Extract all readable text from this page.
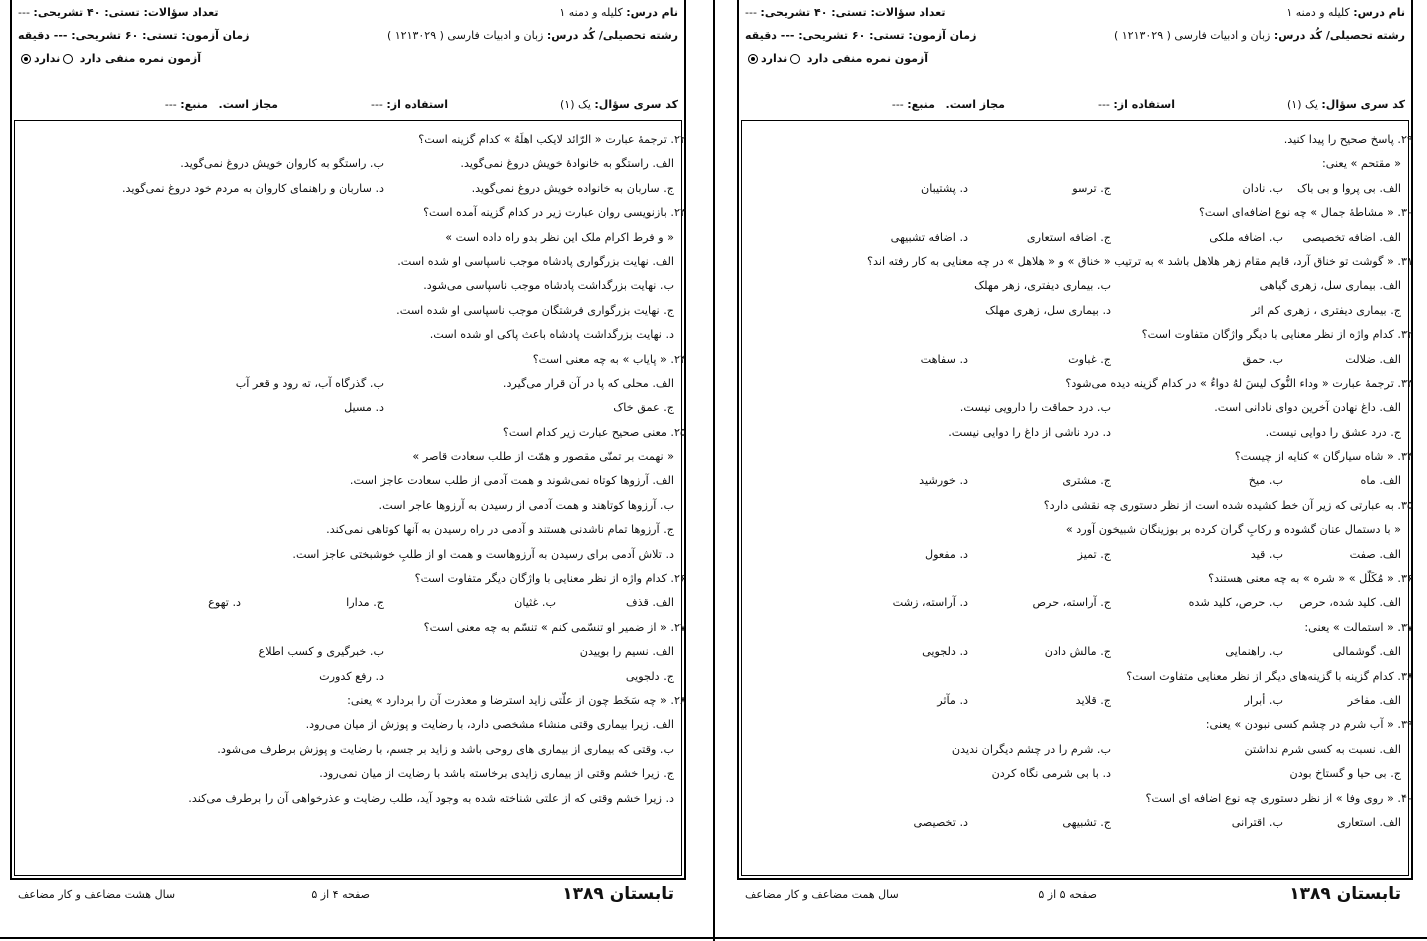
نام درس: کلیله و دمنه ۱
تعداد سؤالات: تستی: ۴۰ تشریحی: ---
رشته تحصیلی/ کُد درس: زبان و ادبیات فارسی ( ۱۲۱۳۰۲۹ )
زمان آزمون: تستی: ۶۰ تشریحی: --- دقیقه
آزمون نمره منفی دارد ندارد
کد سری سؤال: یک (۱)
استفاده از: ---
مجاز است.
منبع: ---
۲۲. ترجمهٔ عبارت « الرّائد لایکب اهلَهُ » کدام گزینه است؟
الف. راستگو به خانوادهٔ خویش دروغ نمی‌گوید.
ب. راستگو به کاروان خویش دروغ نمی‌گوید.
ج. ساربان به خانواده خویش دروغ نمی‌گوید.
د. ساربان و راهنمای کاروان به مردم خود دروغ نمی‌گوید.
۲۳. بازنویسی روان عبارت زیر در کدام گزینه آمده است؟
« و فرط اکرام ملک این نظر بدو راه داده است »
الف. نهایت بزرگواری پادشاه موجب ناسپاسی او شده است.
ب. نهایت بزرگداشت پادشاه موجب ناسپاسی می‌شود.
ج. نهایت بزرگواری فرشتگان موجب ناسپاسی او شده است.
د. نهایت بزرگداشت پادشاه باعث پاکی او شده است.
۲۴. « پایاب » به چه معنی است؟
الف. محلی که پا در آن قرار می‌گیرد.
ب. گذرگاه آب، ته رود و قعر آب
ج. عمق خاک
د. مسیل
۲۵. معنی صحیح عبارت زیر کدام است؟
« نهمت بر تمنّی مقصور و همّت از طلب سعادت قاصر »
الف. آرزوها کوتاه نمی‌شوند و همت آدمی از طلب سعادت عاجز است.
ب. آرزوها کوتاهند و همت آدمی از رسیدن به آرزوها عاجر است.
ج. آرزوها تمام ناشدنی هستند و آدمی در راه رسیدن به آنها کوتاهی نمی‌کند.
د. تلاش آدمی برای رسیدن به آرزوهاست و همت او از طلبِ خوشبختی عاجز است.
۲۶. کدام واژه از نظر معنایی با واژگان دیگر متفاوت است؟
الف. قذف
ب. غثیان
ج. مدارا
د. تهوع
۲۷. « از ضمیر او تنسّمی کنم » تنسّم به چه معنی است؟
الف. نسیم را بوییدن
ب. خبرگیری و کسب اطلاع
ج. دلجویی
د. رفع کدورت
۲۸. « چه سَخَط چون از علّتی زاید استرضا و معذرت آن را بردارد » یعنی:
الف. زیرا بیماری وقتی منشاء مشخصی دارد، با رضایت و پوزش از میان می‌رود.
ب. وقتی که بیماری از بیماری های روحی باشد و زاید بر جسم، با رضایت و پوزش برطرف می‌شود.
ج. زیرا خشم وقتی از بیماری زایدی برخاسته باشد با رضایت از میان نمی‌رود.
د. زیرا خشم وقتی که از علتی شناخته شده به وجود آید، طلب رضایت و عذرخواهی آن را برطرف می‌کند.
تابستان ۱۳۸۹
صفحه ۴ از ۵
سال هشت مضاعف و کار مضاعف
نام درس: کلیله و دمنه ۱
تعداد سؤالات: تستی: ۴۰ تشریحی: ---
رشته تحصیلی/ کُد درس: زبان و ادبیات فارسی ( ۱۲۱۳۰۲۹ )
زمان آزمون: تستی: ۶۰ تشریحی: --- دقیقه
آزمون نمره منفی دارد ندارد
کد سری سؤال: یک (۱)
استفاده از: ---
مجاز است.
منبع: ---
۲۹. پاسخ صحیح را پیدا کنید.
« مقتحم » یعنی:
الف. بی پروا و بی باک
ب. نادان
ج. ترسو
د. پشتیبان
۳۰. « مشاطهٔ جمال » چه نوع اضافه‌ای است؟
الف. اضافه تخصیصی
ب. اضافه ملکی
ج. اضافه استعاری
د. اضافه تشبیهی
۳۱. « گوشت تو خناق آرد، قایم مقام زهر هلاهل باشد » به ترتیب « خناق » و « هلاهل » در چه معنایی به کار رفته اند؟
الف. بیماری سل، زهری گیاهی
ب. بیماری دیفتری، زهر مهلک
ج. بیماری دیفتری ، زهری کم اثر
د. بیماری سل، زهری مهلک
۳۲. کدام واژه از نظر معنایی با دیگر واژگان متفاوت است؟
الف. ضلالت
ب. حمق
ج. غباوت
د. سفاهت
۳۳. ترجمهٔ عبارت « وداء النُّوک لیسَ لهُ دواءُ » در کدام گزینه دیده می‌شود؟
الف. داغ نهادن آخرین دوای نادانی است.
ب. درد حماقت را دارویی نیست.
ج. درد عشق را دوایی نیست.
د. درد ناشی از داغ را دوایی نیست.
۳۴. « شاه سیارگان » کنایه از چیست؟
الف. ماه
ب. میخ
ج. مشتری
د. خورشید
۳۵. به عبارتی که زیر آن خط کشیده شده است از نظر دستوری چه نقشی دارد؟
« با دستمال عنان گشوده و رکابِ گران کرده بر بوزینگان شبیخون آورد »
الف. صفت
ب. قید
ج. تمیز
د. مفعول
۳۶. « مُکَلّل » « شره » به چه معنی هستند؟
الف. کلید شده، حرص
ب. حرص، کلید شده
ج. آراسته، حرص
د. آراسته، زشت
۳۷. « استمالت » یعنی:
الف. گوشمالی
ب. راهنمایی
ج. مالش دادن
د. دلجویی
۳۸. کدام گزینه با گزینه‌های دیگر از نظر معنایی متفاوت است؟
الف. مفاخر
ب. أبرار
ج. قلاید
د. مآثر
۳۹. « آب شرم در چشم کسی نبودن » یعنی:
الف. نسبت به کسی شرم نداشتن
ب. شرم را در چشم دیگران ندیدن
ج. بی حیا و گستاخ بودن
د. با بی شرمی نگاه کردن
۴۰. « روی وفا » از نظر دستوری چه نوع اضافه ای است؟
الف. استعاری
ب. اقترانی
ج. تشبیهی
د. تخصیصی
تابستان ۱۳۸۹
صفحه ۵ از ۵
سال همت مضاعف و کار مضاعف
